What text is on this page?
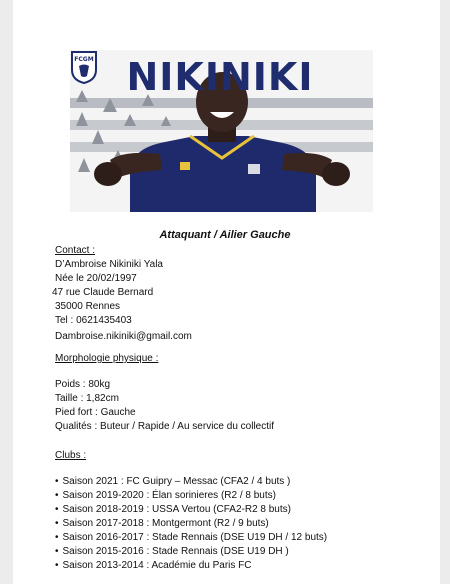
NIKINIKI
FCGM
Attaquant / Ailier Gauche
Contact :
D’Ambroise Nikiniki Yala
Née le 20/02/1997
47 rue Claude Bernard
35000 Rennes
Tel : 0621435403
Dambroise.nikiniki@gmail.com
Morphologie physique :
Poids : 80kg
Taille : 1,82cm
Pied fort : Gauche
Qualités : Buteur / Rapide / Au service du collectif
Clubs :
• Saison 2021 : FC Guipry – Messac (CFA2 / 4 buts )
• Saison 2019-2020 : Élan sorinieres (R2 / 8 buts)
• Saison 2018-2019 : USSA Vertou (CFA2-R2 8 buts)
• Saison 2017-2018 : Montgermont (R2 / 9 buts)
• Saison 2016-2017 : Stade Rennais (DSE U19 DH / 12 buts)
• Saison 2015-2016 : Stade Rennais (DSE U19 DH )
• Saison 2013-2014 : Académie du Paris FC
